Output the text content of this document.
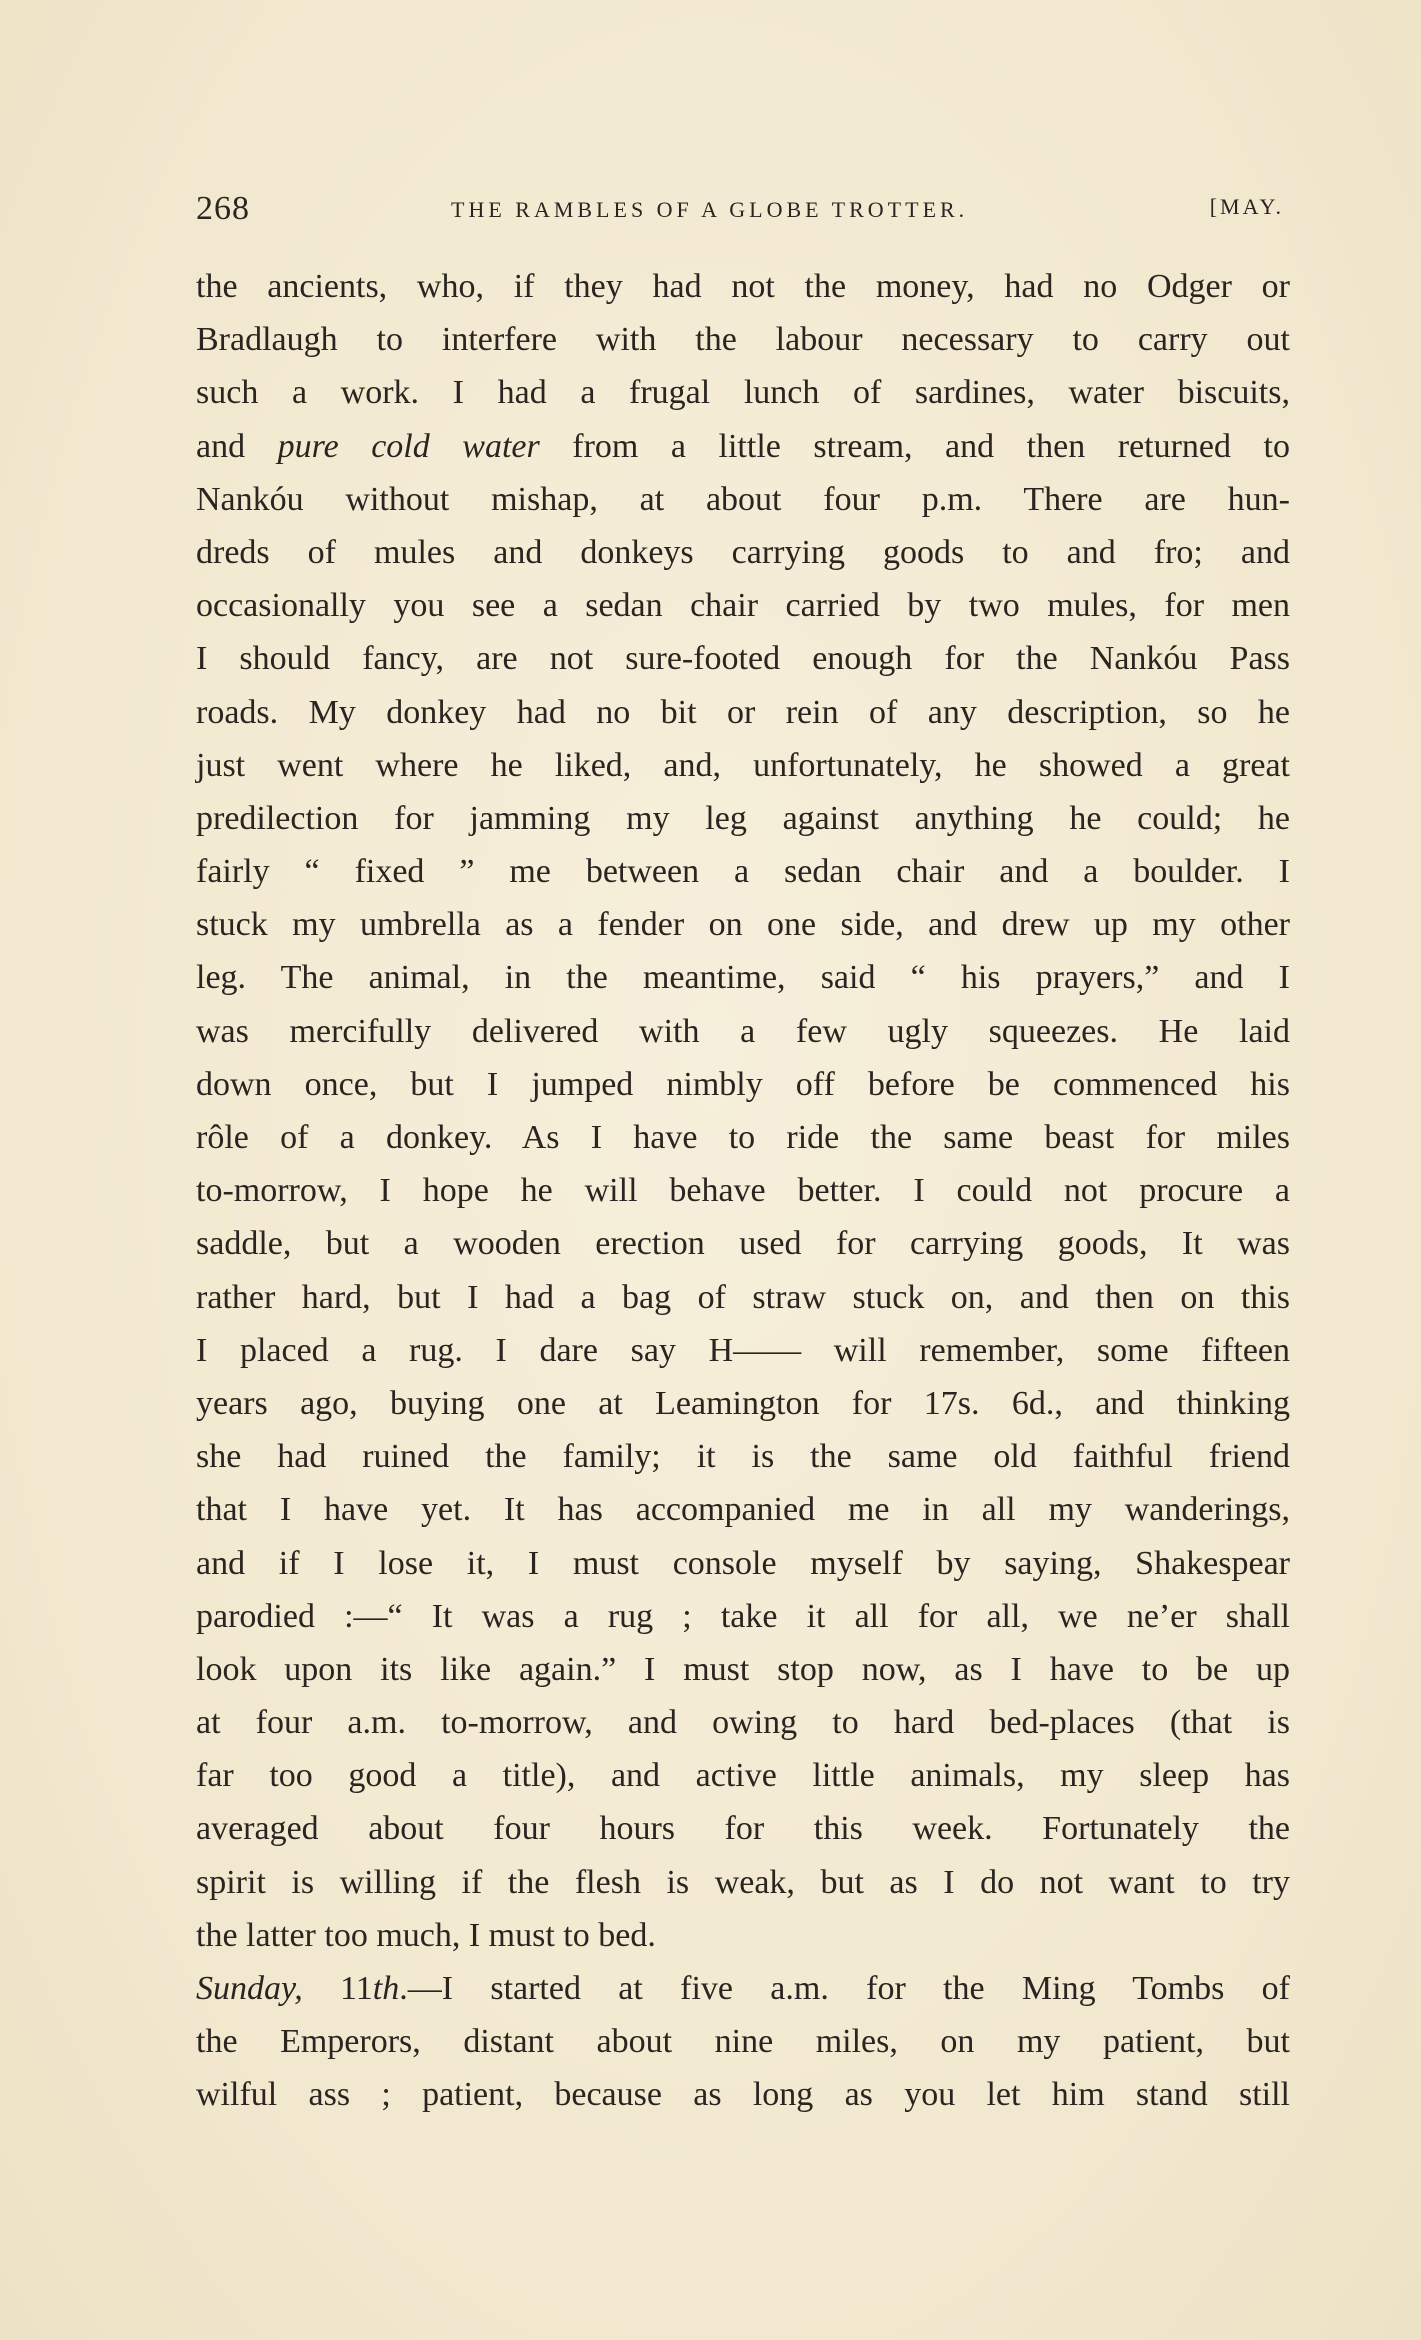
268	THE RAMBLES OF A GLOBE TROTTER.	[MAY.
the ancients, who, if they had not the money, had no Odger or
Bradlaugh to interfere with the labour necessary to carry out
such a work. I had a frugal lunch of sardines, water biscuits,
and pure cold water from a little stream, and then returned to
Nankóu without mishap, at about four p.m. There are hun-
dreds of mules and donkeys carrying goods to and fro; and
occasionally you see a sedan chair carried by two mules, for men
I should fancy, are not sure-footed enough for the Nankóu Pass
roads. My donkey had no bit or rein of any description, so he
just went where he liked, and, unfortunately, he showed a great
predilection for jamming my leg against anything he could; he
fairly “ fixed ” me between a sedan chair and a boulder. I
stuck my umbrella as a fender on one side, and drew up my other
leg. The animal, in the meantime, said “ his prayers,” and I
was mercifully delivered with a few ugly squeezes. He laid
down once, but I jumped nimbly off before be commenced his
rôle of a donkey. As I have to ride the same beast for miles
to-morrow, I hope he will behave better. I could not procure a
saddle, but a wooden erection used for carrying goods, It was
rather hard, but I had a bag of straw stuck on, and then on this
I placed a rug. I dare say H—— will remember, some fifteen
years ago, buying one at Leamington for 17s. 6d., and thinking
she had ruined the family; it is the same old faithful friend
that I have yet. It has accompanied me in all my wanderings,
and if I lose it, I must console myself by saying, Shakespear
parodied :—“ It was a rug ; take it all for all, we ne’er shall
look upon its like again.” I must stop now, as I have to be up
at four a.m. to-morrow, and owing to hard bed-places (that is
far too good a title), and active little animals, my sleep has
averaged about four hours for this week. Fortunately the
spirit is willing if the flesh is weak, but as I do not want to try
the latter too much, I must to bed.
Sunday, 11th.—I started at five a.m. for the Ming Tombs of
the Emperors, distant about nine miles, on my patient, but
wilful ass ; patient, because as long as you let him stand still
